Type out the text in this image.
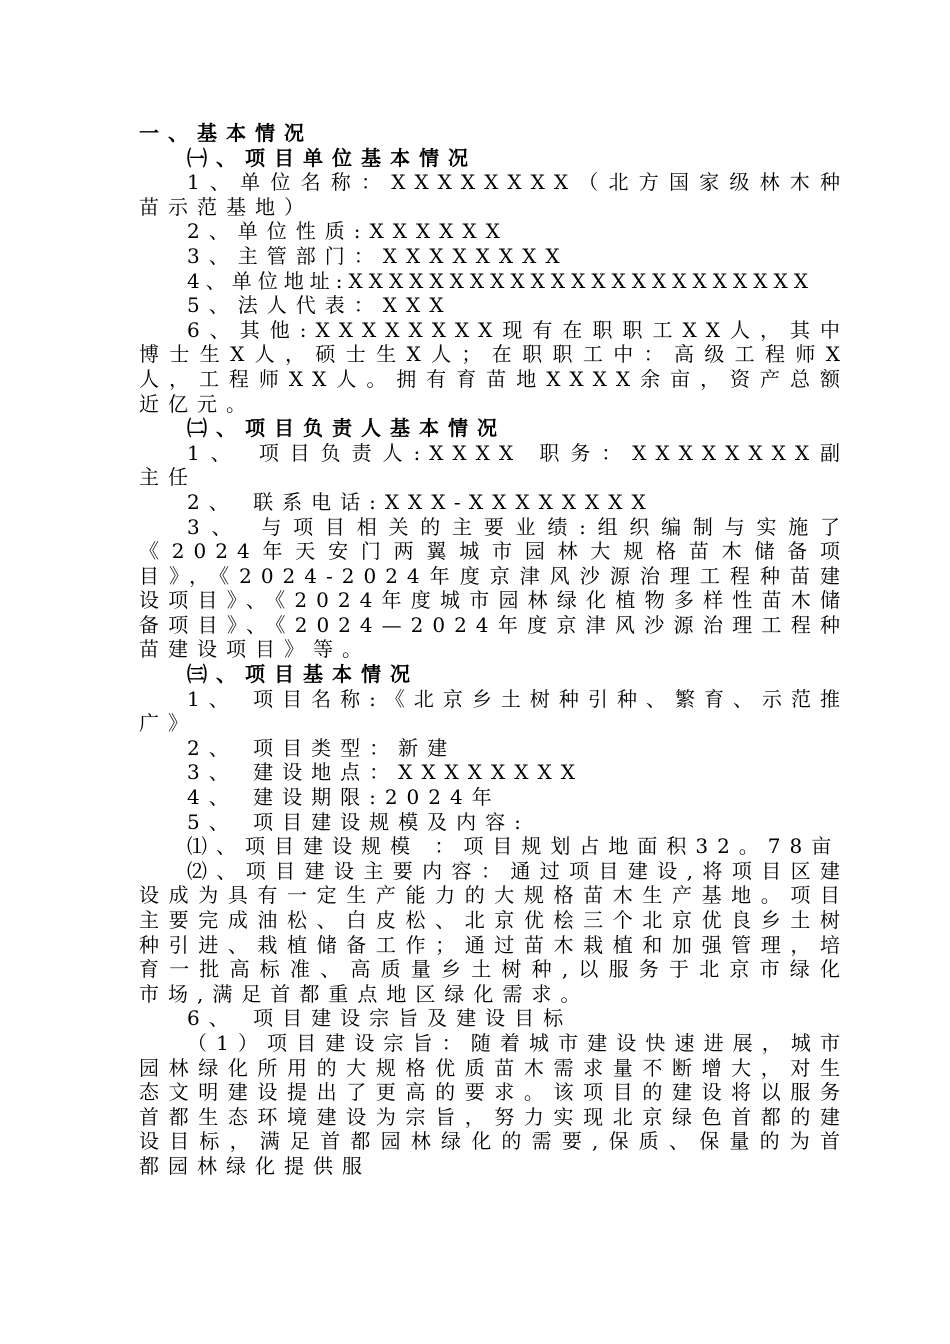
一、基本情况

㈠、项目单位基本情况

1、单位名称：XXXXXXXX（北方国家级林木种苗示范基地）

2、单位性质:XXXXXX

3、主管部门：XXXXXXXX

4、单位地址:XXXXXXXXXXXXXXXXXXXXXXX

5、法人代表：XXX

6、其他:XXXXXXXX现有在职职工XX人，其中博士生X人，硕士生X人；在职职工中：高级工程师X人，工程师XX人。拥有育苗地XXXX余亩，资产总额近亿元。

㈡、项目负责人基本情况

1、 项目负责人:XXXX 职务：XXXXXXXX副主任

2、 联系电话:XXX-XXXXXXXX

3、 与项目相关的主要业绩:组织编制与实施了《2024年天安门两翼城市园林大规格苗木储备项目》，《2024-2024年度京津风沙源治理工程种苗建设项目》、《2024年度城市园林绿化植物多样性苗木储备项目》、《2024—2024年度京津风沙源治理工程种苗建设项目》等。

㈢、项目基本情况

1、 项目名称:《北京乡土树种引种、繁育、示范推广》

2、 项目类型：新建

3、 建设地点：XXXXXXXX

4、 建设期限:2024年

5、 项目建设规模及内容:

⑴、项目建设规模 ：项目规划占地面积32。78亩

⑵、项目建设主要内容：通过项目建设,将项目区建设成为具有一定生产能力的大规格苗木生产基地。项目主要完成油松、白皮松、北京优桧三个北京优良乡土树种引进、栽植储备工作；通过苗木栽植和加强管理，培育一批高标准、高质量乡土树种,以服务于北京市绿化市场,满足首都重点地区绿化需求。

6、 项目建设宗旨及建设目标

（1）项目建设宗旨：随着城市建设快速进展，城市园林绿化所用的大规格优质苗木需求量不断增大，对生态文明建设提出了更高的要求。该项目的建设将以服务首都生态环境建设为宗旨，努力实现北京绿色首都的建设目标，满足首都园林绿化的需要,保质、保量的为首都园林绿化提供服
